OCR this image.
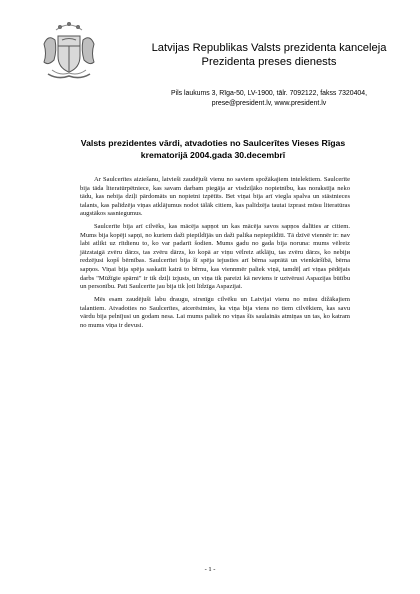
Latvijas Republikas Valsts prezidenta kanceleja
Prezidenta preses dienests
Pils laukums 3, Rīga-50, LV-1900, tālr. 7092122, fakss 7320404,
prese@president.lv, www.president.lv
Valsts prezidentes vārdi, atvadoties no Saulcerītes Vieses Rīgas
krematorijā 2004.gada 30.decembrī

Ar Saulcerītes aiziešanu, latvieši zaudējuši vienu no saviem spožākajiem intelektiem. Saulcerīte bija tāda literatūrpētniece, kas savam darbam piegāja ar visdziļāko nopietnību, kas norakstīja neko tādu, kas nebija dziļi pārdomāts un nopietni izpētīts. Bet viņai bija arī viegla spalva un stāstnieces talants, kas palīdzēja viņas atklājumus nodot tālāk citiem, kas palīdzēja tautai izprast mūsu literatūras augstākos sasniegumus.

Saulcerīte bija arī cilvēks, kas mācēja sapņot un kas mācēja savos sapņos dalīties ar citiem. Mums bija kopēji sapņi, no kuriem daži piepildījās un daži palika nepiepildīti. Tā dzīvē viennēr ir: nav labi atlikt uz rītdienu to, ko var padarīt šodien. Mums gadu no gada bija norunа: mums vēlreiz jāizstaigā zvēru dārzs, tas zvēru dārzs, ko kopā ar viņu vēlreiz atklāju, tas zvēru dārzs, ko nebijи redzējusi kopš bērnības. Saulcerītei bija šī spēja iejusties arī bērna saprātā un vienkāršībā, bērna sapņos. Viņai bija spēja saskatīt katrā to bērnu, kas viennmēr paliek viņā, tamdēļ arī viņas pēdējais darbs "Mūžīgie spārni" ir tik dziļi izjusts, un viņa tik pareizi kā neviens ir uztvērusi Aspazijas būtību un personību. Pati Saulcerīte jau bija tik ļoti līdzīga Aspazijai.

Mēs esam zaudējuši labu draugu, sirsnīgu cilvēku un Latvijai vienu no mūsu dižākajiem talantiem. Atvadoties no Saulcerītes, atcerēsimies, ka viņa bija viens no tiem cilvēkiem, kas savu vārdu bija pelnījusi un godam nesa. Lai mums paliek no viņas šīs saulainās atmiņas un tas, ko katram no mums viņa ir devusi.

- 1 -
